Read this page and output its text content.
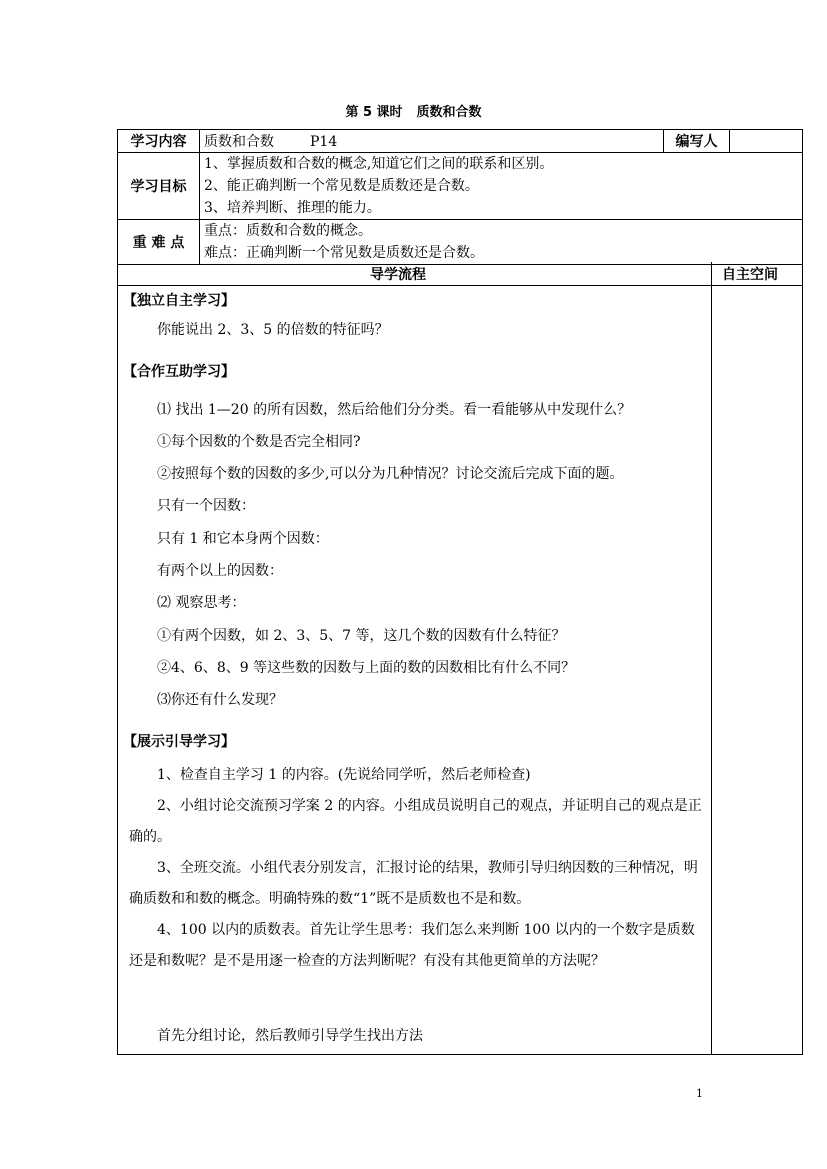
第 5 课时 质数和合数
学习内容	质数和合数 P14	编写人	
学习目标	1、掌握质数和合数的概念,知道它们之间的联系和区别。
2、能正确判断一个常见数是质数还是合数。
3、培养判断、推理的能力。		

重 难 点	重点：质数和合数的概念。
难点：正确判断一个常见数是质数还是合数。		
导学流程	自主空间
【独立自主学习】
你能说出 2、3、5 的倍数的特征吗？
【合作互助学习】
⑴ 找出 1—20 的所有因数，然后给他们分分类。看一看能够从中发现什么？
①每个因数的个数是否完全相同?
②按照每个数的因数的多少,可以分为几种情况？讨论交流后完成下面的题。
只有一个因数：
只有 1 和它本身两个因数：
有两个以上的因数：
⑵ 观察思考：
①有两个因数，如 2、3、5、7 等，这几个数的因数有什么特征？
②4、6、8、9 等这些数的因数与上面的数的因数相比有什么不同？
⑶你还有什么发现？
【展示引导学习】
1、检查自主学习 1 的内容。(先说给同学听，然后老师检查)
2、小组讨论交流预习学案 2 的内容。小组成员说明自己的观点，并证明自己的观点是正确的。
3、全班交流。小组代表分别发言，汇报讨论的结果，教师引导归纳因数的三种情况，明确质数和和数的概念。明确特殊的数“1”既不是质数也不是和数。
4、100 以内的质数表。首先让学生思考：我们怎么来判断 100 以内的一个数字是质数还是和数呢？是不是用逐一检查的方法判断呢？有没有其他更简单的方法呢？
首先分组讨论，然后教师引导学生找出方法
1
